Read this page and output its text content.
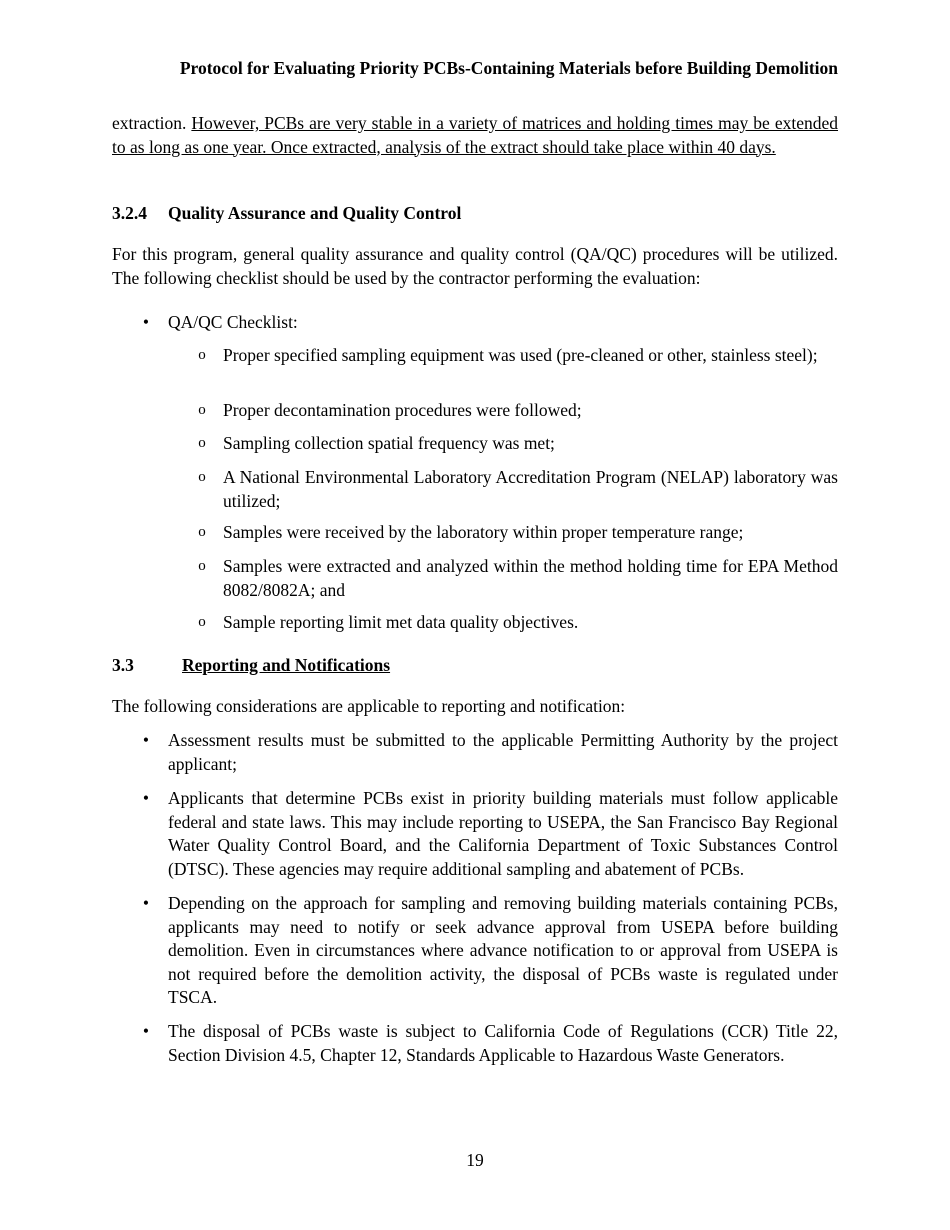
Protocol for Evaluating Priority PCBs-Containing Materials before Building Demolition

extraction. However, PCBs are very stable in a variety of matrices and holding times may be extended to as long as one year. Once extracted, analysis of the extract should take place within 40 days.

3.2.4 Quality Assurance and Quality Control

For this program, general quality assurance and quality control (QA/QC) procedures will be utilized. The following checklist should be used by the contractor performing the evaluation:

• QA/QC Checklist:
o Proper specified sampling equipment was used (pre-cleaned or other, stainless steel);
o Proper decontamination procedures were followed;
o Sampling collection spatial frequency was met;
o A National Environmental Laboratory Accreditation Program (NELAP) laboratory was utilized;
o Samples were received by the laboratory within proper temperature range;
o Samples were extracted and analyzed within the method holding time for EPA Method 8082/8082A; and
o Sample reporting limit met data quality objectives.
3.3	Reporting and Notifications

The following considerations are applicable to reporting and notification:

• Assessment results must be submitted to the applicable Permitting Authority by the project applicant;
• Applicants that determine PCBs exist in priority building materials must follow applicable federal and state laws. This may include reporting to USEPA, the San Francisco Bay Regional Water Quality Control Board, and the California Department of Toxic Substances Control (DTSC). These agencies may require additional sampling and abatement of PCBs.
• Depending on the approach for sampling and removing building materials containing PCBs, applicants may need to notify or seek advance approval from USEPA before building demolition. Even in circumstances where advance notification to or approval from USEPA is not required before the demolition activity, the disposal of PCBs waste is regulated under TSCA.
• The disposal of PCBs waste is subject to California Code of Regulations (CCR) Title 22, Section Division 4.5, Chapter 12, Standards Applicable to Hazardous Waste Generators.
19
